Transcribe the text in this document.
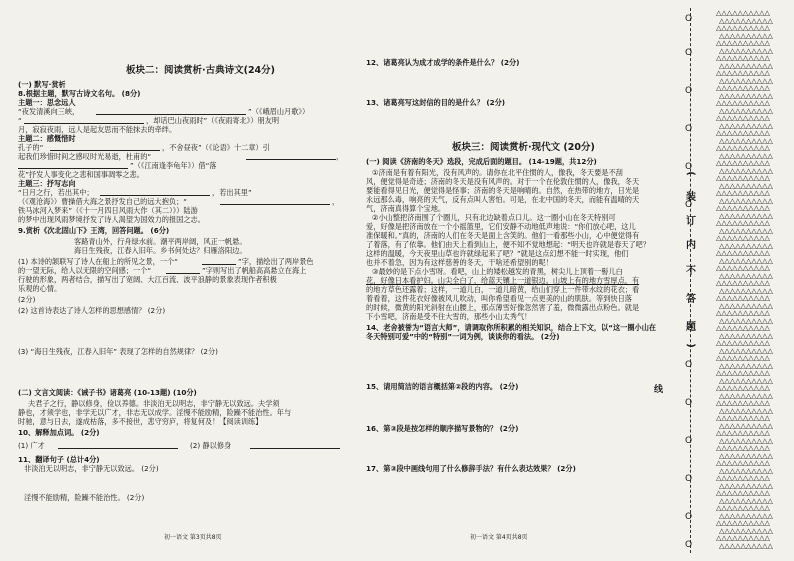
板块二：阅读赏析·古典诗文(24分)
(一) 默写·赏析
8.根据主题，默写古诗文名句。 (8分)
主题一：思念远人
“夜发清溪向三峡，	”（《峨眉山月歌》）
“	，却话巴山夜雨时”（《夜雨寄北》）朋友明
月，寂寂夜雨，远人是起友思而不能抹去的牵绊。
主题二：感慨惜时
孔子的“	，不舍昼夜”（《论语》十二章）引
起我们珍惜时间之感叹时光易逝，杜甫的“	，
”（《江南逢李龟年》）借“落
花”抒发人事变化之悲和国事凋零之悲。
主题三：抒写志向
“日月之行，若出其中；	，若出其里”
（《观沧海》）曹操借大海之景抒发自己的远大抱负；“	，
铁马冰河入梦来”（《十一月四日风雨大作（其二）》）陆游
的梦中出现风雨梦境抒发了诗人渴望为国效力的报国之志。
9.赏析《次北固山下》王湾，回答问题。 (6分)
客路青山外，行舟绿水前。潮平两岸阔，风正一帆悬。
海日生残夜，江春入旧年。乡书何处达？归雁洛阳边。
(1) 本诗的颔联写了诗人在船上的所见之景，一个“	”字，描绘出了两岸景色
的一望无际，给人以无限的空间感；一个“	”字则写出了帆船高高悬立在海上
行驶的形象，两者结合，描写出了宽阔、大江百流、波平浪静的景象表现作者积极
乐观的心情。
(2分)
(2) 这首诗表达了诗人怎样的思想感情？ (2分)
(3) “海日生残夜，江春入旧年” 表现了怎样的自然规律？ (2分)
(二) 文言文阅读：《诫子书》诸葛亮 (10-13题) (10分)
夫君子之行，静以修身，俭以养德。非淡泊无以明志，非宁静无以致远。夫学须
静也，才须学也，非学无以广才，非志无以成学。淫慢不能励精，险躁不能治性。年与
时驰，意与日去，遂成枯落，多不接世，悲守穷庐，将复何及！【阅读训练】
10、解释加点词。 (2分)
(1) 广才	(2) 静以修身
11、翻译句子 (总计4分)
非淡泊无以明志，非宁静无以致远。 (2分)
淫慢不能励精，险躁不能治性。 (2分)
初一语文 第3页共8页
12、诸葛亮认为成才成学的条件是什么？ (2分)
13、诸葛亮写这封信的目的是什么？ (2分)
板块三：阅读赏析·现代文 (20分)
(一) 阅读《济南的冬天》选段，完成后面的题目。 (14-19题，共12分)
①济南是有着有阳光，没有风声的。请你在北平住惯的人，像我，冬天要是不刮
风，便觉得是奇迹；济南的冬天是没有风声的。对于一个在伦敦住惯的人，像我，冬天
要能看得见日光，便觉得是怪事；济南的冬天是响晴的。自然，在热带的地方，日光是
永远那么毒，响亮的天气，反有点叫人害怕。可是，在北中国的冬天，而能有温晴的天
气，济南真得算个宝地。
②小山整把济南围了个圈儿，只有北边缺着点口儿。这一圈小山在冬天特别可
爱，好像是把济南放在一个小摇篮里，它们安静不动地低声地说：“你们放心吧，这儿
准保暖和。”真的，济南的人们在冬天是面上含笑的。他们一看那些小山，心中便觉得有
了着落，有了依靠。他们由天上看到山上，便不知不觉地想起：“明天也许就是春天了吧？
这样的温暖，今天夜里山草也许就绿起来了吧？”就是这点幻想不能一时实现，他们
也并不着急，因为有这样慈善的冬天，干啥还希望别的呢！
③最妙的是下点小雪呀。看吧，山上的矮松越发的青黑，树尖儿上顶着一髻儿白
花，好像日本看护妇。山尖全白了，给蓝天镶上一道银边。山坡上有的地方雪厚点，有
的地方草色还露着；这样，一道儿白，一道儿暗黄，给山们穿上一件带水纹的花衣；看
着看着，这件花衣好像被风儿吹动，叫你希望看见一点更美的山的肌肤。等到快日落
的时候，微黄的阳光斜射在山腰上，那点薄雪好像忽然害了羞，微微露出点粉色。就是
下小雪吧，济南是受不住大雪的，那些小山太秀气！
14、老舍被誉为“语言大师”，请调取你所积累的相关知识，结合上下文，以“这一圈小山在
冬天特别可爱”中的“特别”一词为例，谈谈你的看法。 (2分)
15、请用简洁的语言概括第②段的内容。 (2分)
16、第③段是按怎样的顺序描写景物的？ (2分)
17、第③段中画线句用了什么修辞手法？有什么表达效果？ (2分)
初一语文 第4页共8页
O
O
O
O
O
O
O
O
O
O
O
O
(
装
订
内
不
答
题
)
线
△△△△△△△△△△
△△△△△△△△△△
△△△△△△△△△△
△△△△△△△△△△
△△△△△△△△△△
△△△△△△△△△△
△△△△△△△△△△
△△△△△△△△△△
△△△△△△△△△△
△△△△△△△△△△
△△△△△△△△△△
△△△△△△△△△△
△△△△△△△△△△
△△△△△△△△△△
△△△△△△△△△△
△△△△△△△△△△
△△△△△△△△△△
△△△△△△△△△△
△△△△△△△△△△
△△△△△△△△△△
△△△△△△△△△△
△△△△△△△△△△
△△△△△△△△△△
△△△△△△△△△△
△△△△△△△△△△
△△△△△△△△△△
△△△△△△△△△△
△△△△△△△△△△
△△△△△△△△△△
△△△△△△△△△△
△△△△△△△△△△
△△△△△△△△△△
△△△△△△△△△△
△△△△△△△△△△
△△△△△△△△△△
△△△△△△△△△△
△△△△△△△△△△
△△△△△△△△△△
△△△△△△△△△△
△△△△△△△△△△
△△△△△△△△△△
△△△△△△△△△△
△△△△△△△△△△
△△△△△△△△△△
△△△△△△△△△△
△△△△△△△△△△
△△△△△△△△△△
△△△△△△△△△△
△△△△△△△△△△
△△△△△△△△△△
△△△△△△△△△△
△△△△△△△△△△
△△△△△△△△△△
△△△△△△△△△△
△△△△△△△△△△
△△△△△△△△△△
△△△△△△△△△△
△△△△△△△△△△
△△△△△△△△△△
△△△△△△△△△△
△△△△△△△△△△
△△△△△△△△△△
△△△△△△△△△△
△△△△△△△△△△
△△△△△△△△△△
△△△△△△△△△△
△△△△△△△△△△
△△△△△△△△△△
△△△△△△△△△△
△△△△△△△△△△
△△△△△△△△△△
△△△△△△△△△△
